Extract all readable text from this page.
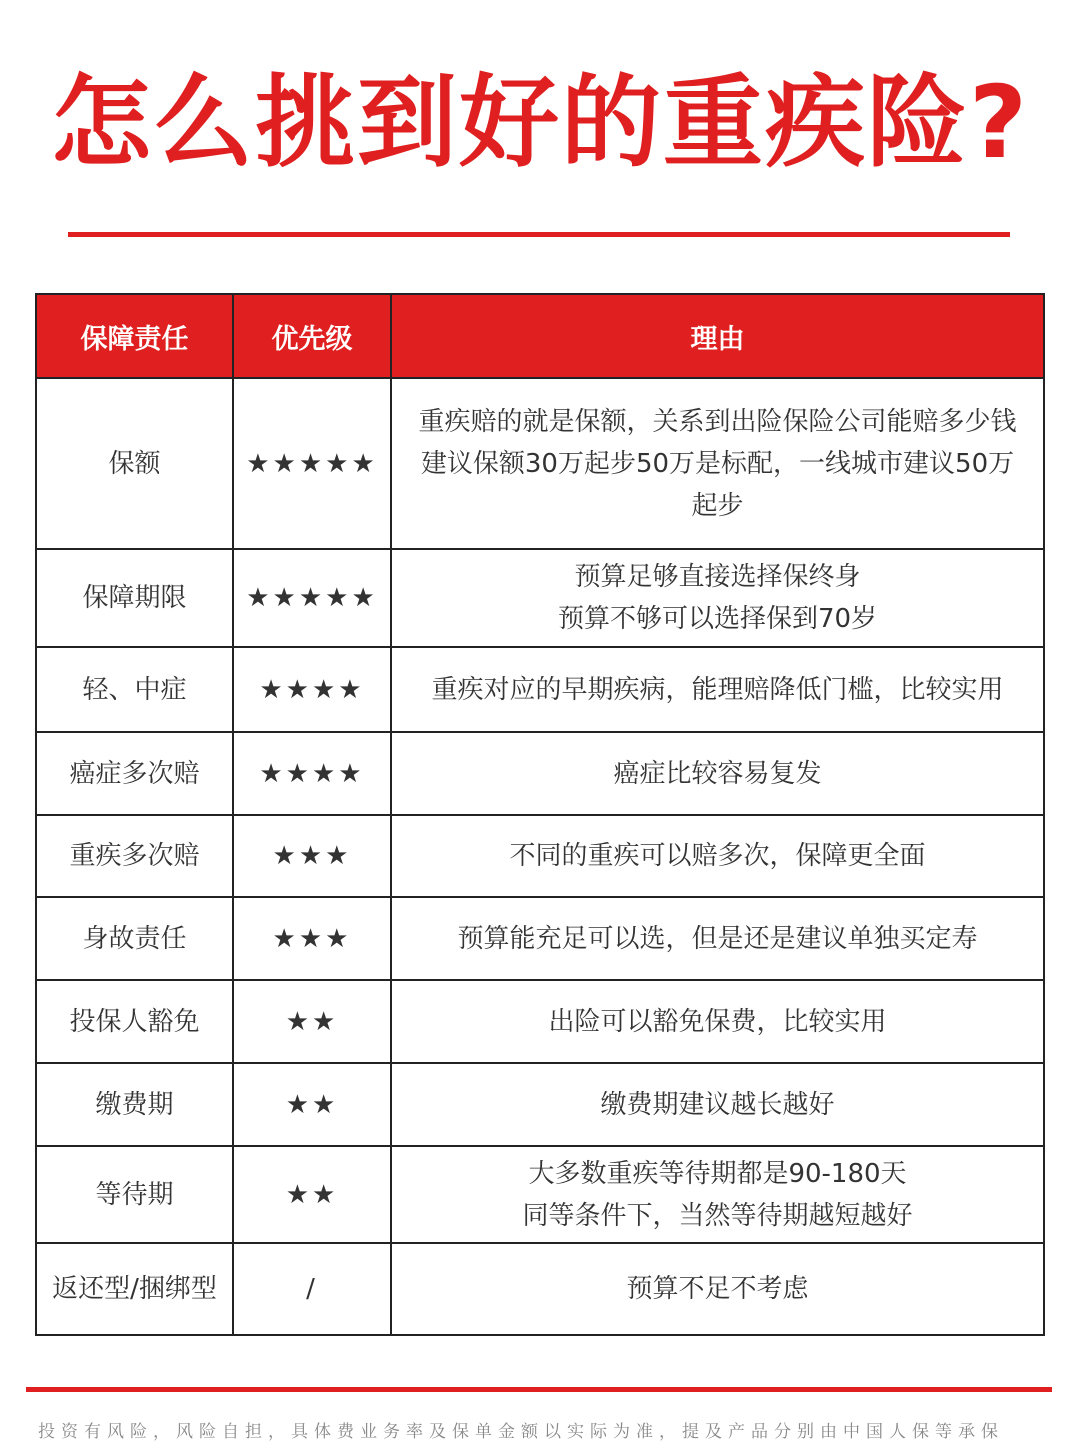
怎么挑到好的重疾险?
保障责任	优先级	理由
保额	★★★★★	重疾赔的就是保额，关系到出险保险公司能赔多少钱
建议保额30万起步50万是标配，一线城市建议50万
起步
保障期限	★★★★★	预算足够直接选择保终身
预算不够可以选择保到70岁
轻、中症	★★★★	重疾对应的早期疾病，能理赔降低门槛，比较实用
癌症多次赔	★★★★	癌症比较容易复发
重疾多次赔	★★★	不同的重疾可以赔多次，保障更全面
身故责任	★★★	预算能充足可以选，但是还是建议单独买定寿
投保人豁免	★★	出险可以豁免保费，比较实用
缴费期	★★	缴费期建议越长越好
等待期	★★	大多数重疾等待期都是90-180天
同等条件下，当然等待期越短越好
返还型/捆绑型	/	预算不足不考虑
投资有风险，风险自担，具体费业务率及保单金额以实际为准，提及产品分别由中国人保等承保
